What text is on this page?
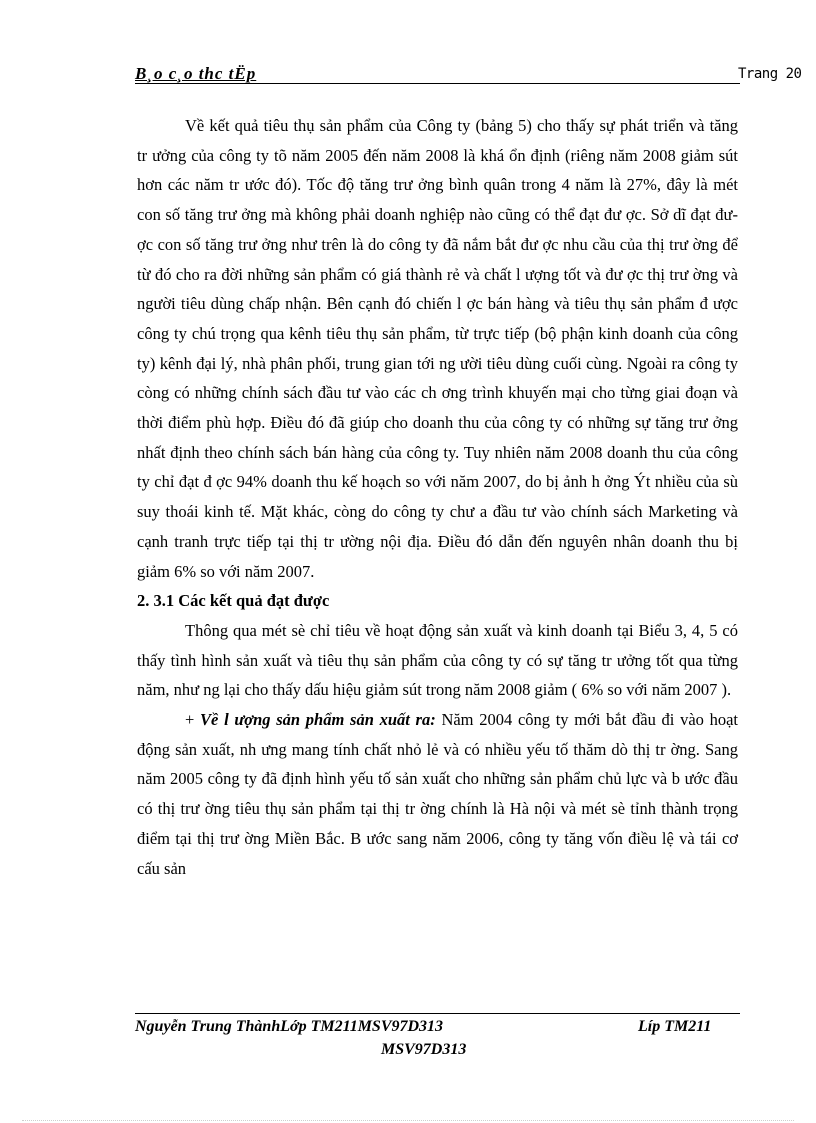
B¸o c¸o thc tËp	Trang 20

Về kết quả tiêu thụ sản phẩm của Công ty (bảng 5) cho thấy sự phát triển và tăng tr ưởng của công ty tõ năm 2005 đến năm 2008 là khá ổn định (riêng năm 2008 giảm sút hơn các năm tr ước đó). Tốc độ tăng trư ởng bình quân trong 4 năm là 27%, đây là mét con số tăng trư ởng mà không phải doanh nghiệp nào cũng có thể đạt đư ợc. Sở dĩ đạt đư ợc con số tăng trư ởng như trên là do công ty đã nắm bắt đư ợc nhu cầu của thị trư ờng để từ đó cho ra đời những sản phẩm có giá thành rẻ và chất l ượng tốt và đư ợc thị trư ờng và người tiêu dùng chấp nhận. Bên cạnh đó chiến l ợc bán hàng và tiêu thụ sản phẩm đ ược công ty chú trọng qua kênh tiêu thụ sản phẩm, từ trực tiếp (bộ phận kinh doanh của công ty) kênh đại lý, nhà phân phối, trung gian tới ng ười tiêu dùng cuối cùng. Ngoài ra công ty còng có những chính sách đầu tư vào các ch ơng trình khuyến mại cho từng giai đoạn và thời điểm phù hợp. Điều đó đã giúp cho doanh thu của công ty có những sự tăng trư ởng nhất định theo chính sách bán hàng của công ty. Tuy nhiên năm 2008 doanh thu của công ty chỉ đạt đ ợc 94% doanh thu kế hoạch so với năm 2007, do bị ảnh h ởng Ýt nhiều của sù suy thoái kinh tế. Mặt khác, còng do công ty chư a đầu tư vào chính sách Marketing và cạnh tranh trực tiếp tại thị tr ường nội địa. Điều đó dẫn đến nguyên nhân doanh thu bị giảm 6% so với năm 2007.

2. 3.1 Các kết quả đạt được

Thông qua mét sè chỉ tiêu về hoạt động sản xuất và kinh doanh tại Biểu 3, 4, 5 có thấy tình hình sản xuất và tiêu thụ sản phẩm của công ty có sự tăng tr ưởng tốt qua từng năm, như ng lại cho thấy dấu hiệu giảm sút trong năm 2008 giảm ( 6% so với năm 2007 ).

+ Về l ượng sản phẩm sản xuất ra: Năm 2004 công ty mới bắt đầu đi vào hoạt động sản xuất, nh ưng mang tính chất nhỏ lẻ và có nhiều yếu tố thăm dò thị tr ờng. Sang năm 2005 công ty đã định hình yếu tố sản xuất cho những sản phẩm chủ lực và b ước đầu có thị trư ờng tiêu thụ sản phẩm tại thị tr ờng chính là Hà nội và mét sè tỉnh thành trọng điểm tại thị trư ờng Miền Bắc. B ước sang năm 2006, công ty tăng vốn điều lệ và tái cơ cấu sản

Nguyễn Trung ThànhLớp TM211MSV97D313	Líp TM211
MSV97D313
